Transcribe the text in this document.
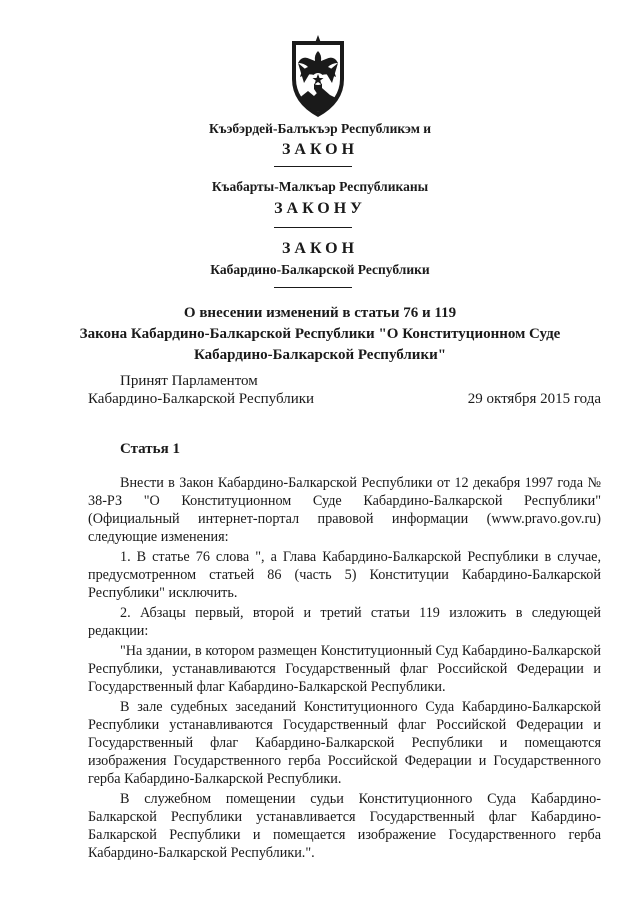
Къэбэрдей-Балъкъэр Республикэм и
ЗАКОН
Къабарты-Малкъар Республиканы
ЗАКОНУ
ЗАКОН
Кабардино-Балкарской Республики
О внесении изменений в статьи 76 и 119
Закона Кабардино-Балкарской Республики "О Конституционном Суде
Кабардино-Балкарской Республики"
Принят Парламентом
Кабардино-Балкарской Республики	29 октября 2015 года
Статья 1

Внести в Закон Кабардино-Балкарской Республики от 12 декабря 1997 года № 38-РЗ "О Конституционном Суде Кабардино-Балкарской Республики" (Официальный интернет-портал правовой информации (www.pravo.gov.ru) следующие изменения:

1. В статье 76 слова ", а Глава Кабардино-Балкарской Республики в случае, предусмотренном статьей 86 (часть 5) Конституции Кабардино-Балкарской Республики" исключить.

2. Абзацы первый, второй и третий статьи 119 изложить в следующей редакции:

"На здании, в котором размещен Конституционный Суд Кабардино-Балкарской Республики, устанавливаются Государственный флаг Российской Федерации и Государственный флаг Кабардино-Балкарской Республики.

В зале судебных заседаний Конституционного Суда Кабардино-Балкарской Республики устанавливаются Государственный флаг Российской Федерации и Государственный флаг Кабардино-Балкарской Республики и помещаются изображения Государственного герба Российской Федерации и Государственного герба Кабардино-Балкарской Республики.

В служебном помещении судьи Конституционного Суда Кабардино-Балкарской Республики устанавливается Государственный флаг Кабардино-Балкарской Республики и помещается изображение Государственного герба Кабардино-Балкарской Республики.".
